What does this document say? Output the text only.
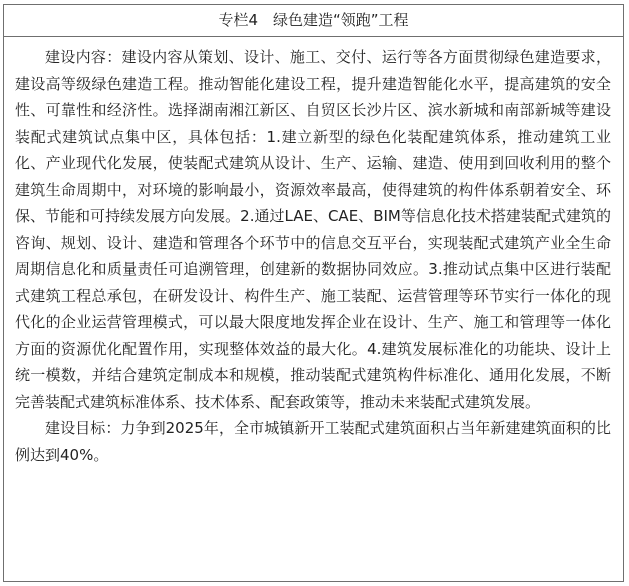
专栏4　绿色建造“领跑”工程

建设内容：建设内容从策划、设计、施工、交付、运行等各方面贯彻绿色建造要求，建设高等级绿色建造工程。推动智能化建设工程，提升建造智能化水平，提高建筑的安全性、可靠性和经济性。选择湖南湘江新区、自贸区长沙片区、滨水新城和南部新城等建设装配式建筑试点集中区，具体包括：1.建立新型的绿色化装配建筑体系，推动建筑工业化、产业现代化发展，使装配式建筑从设计、生产、运输、建造、使用到回收利用的整个建筑生命周期中，对环境的影响最小，资源效率最高，使得建筑的构件体系朝着安全、环保、节能和可持续发展方向发展。2.通过LAE、CAE、BIM等信息化技术搭建装配式建筑的咨询、规划、设计、建造和管理各个环节中的信息交互平台，实现装配式建筑产业全生命周期信息化和质量责任可追溯管理，创建新的数据协同效应。3.推动试点集中区进行装配式建筑工程总承包，在研发设计、构件生产、施工装配、运营管理等环节实行一体化的现代化的企业运营管理模式，可以最大限度地发挥企业在设计、生产、施工和管理等一体化方面的资源优化配置作用，实现整体效益的最大化。4.建筑发展标准化的功能块、设计上统一模数，并结合建筑定制成本和规模，推动装配式建筑构件标准化、通用化发展，不断完善装配式建筑标准体系、技术体系、配套政策等，推动未来装配式建筑发展。

建设目标：力争到2025年，全市城镇新开工装配式建筑面积占当年新建建筑面积的比例达到40%。
